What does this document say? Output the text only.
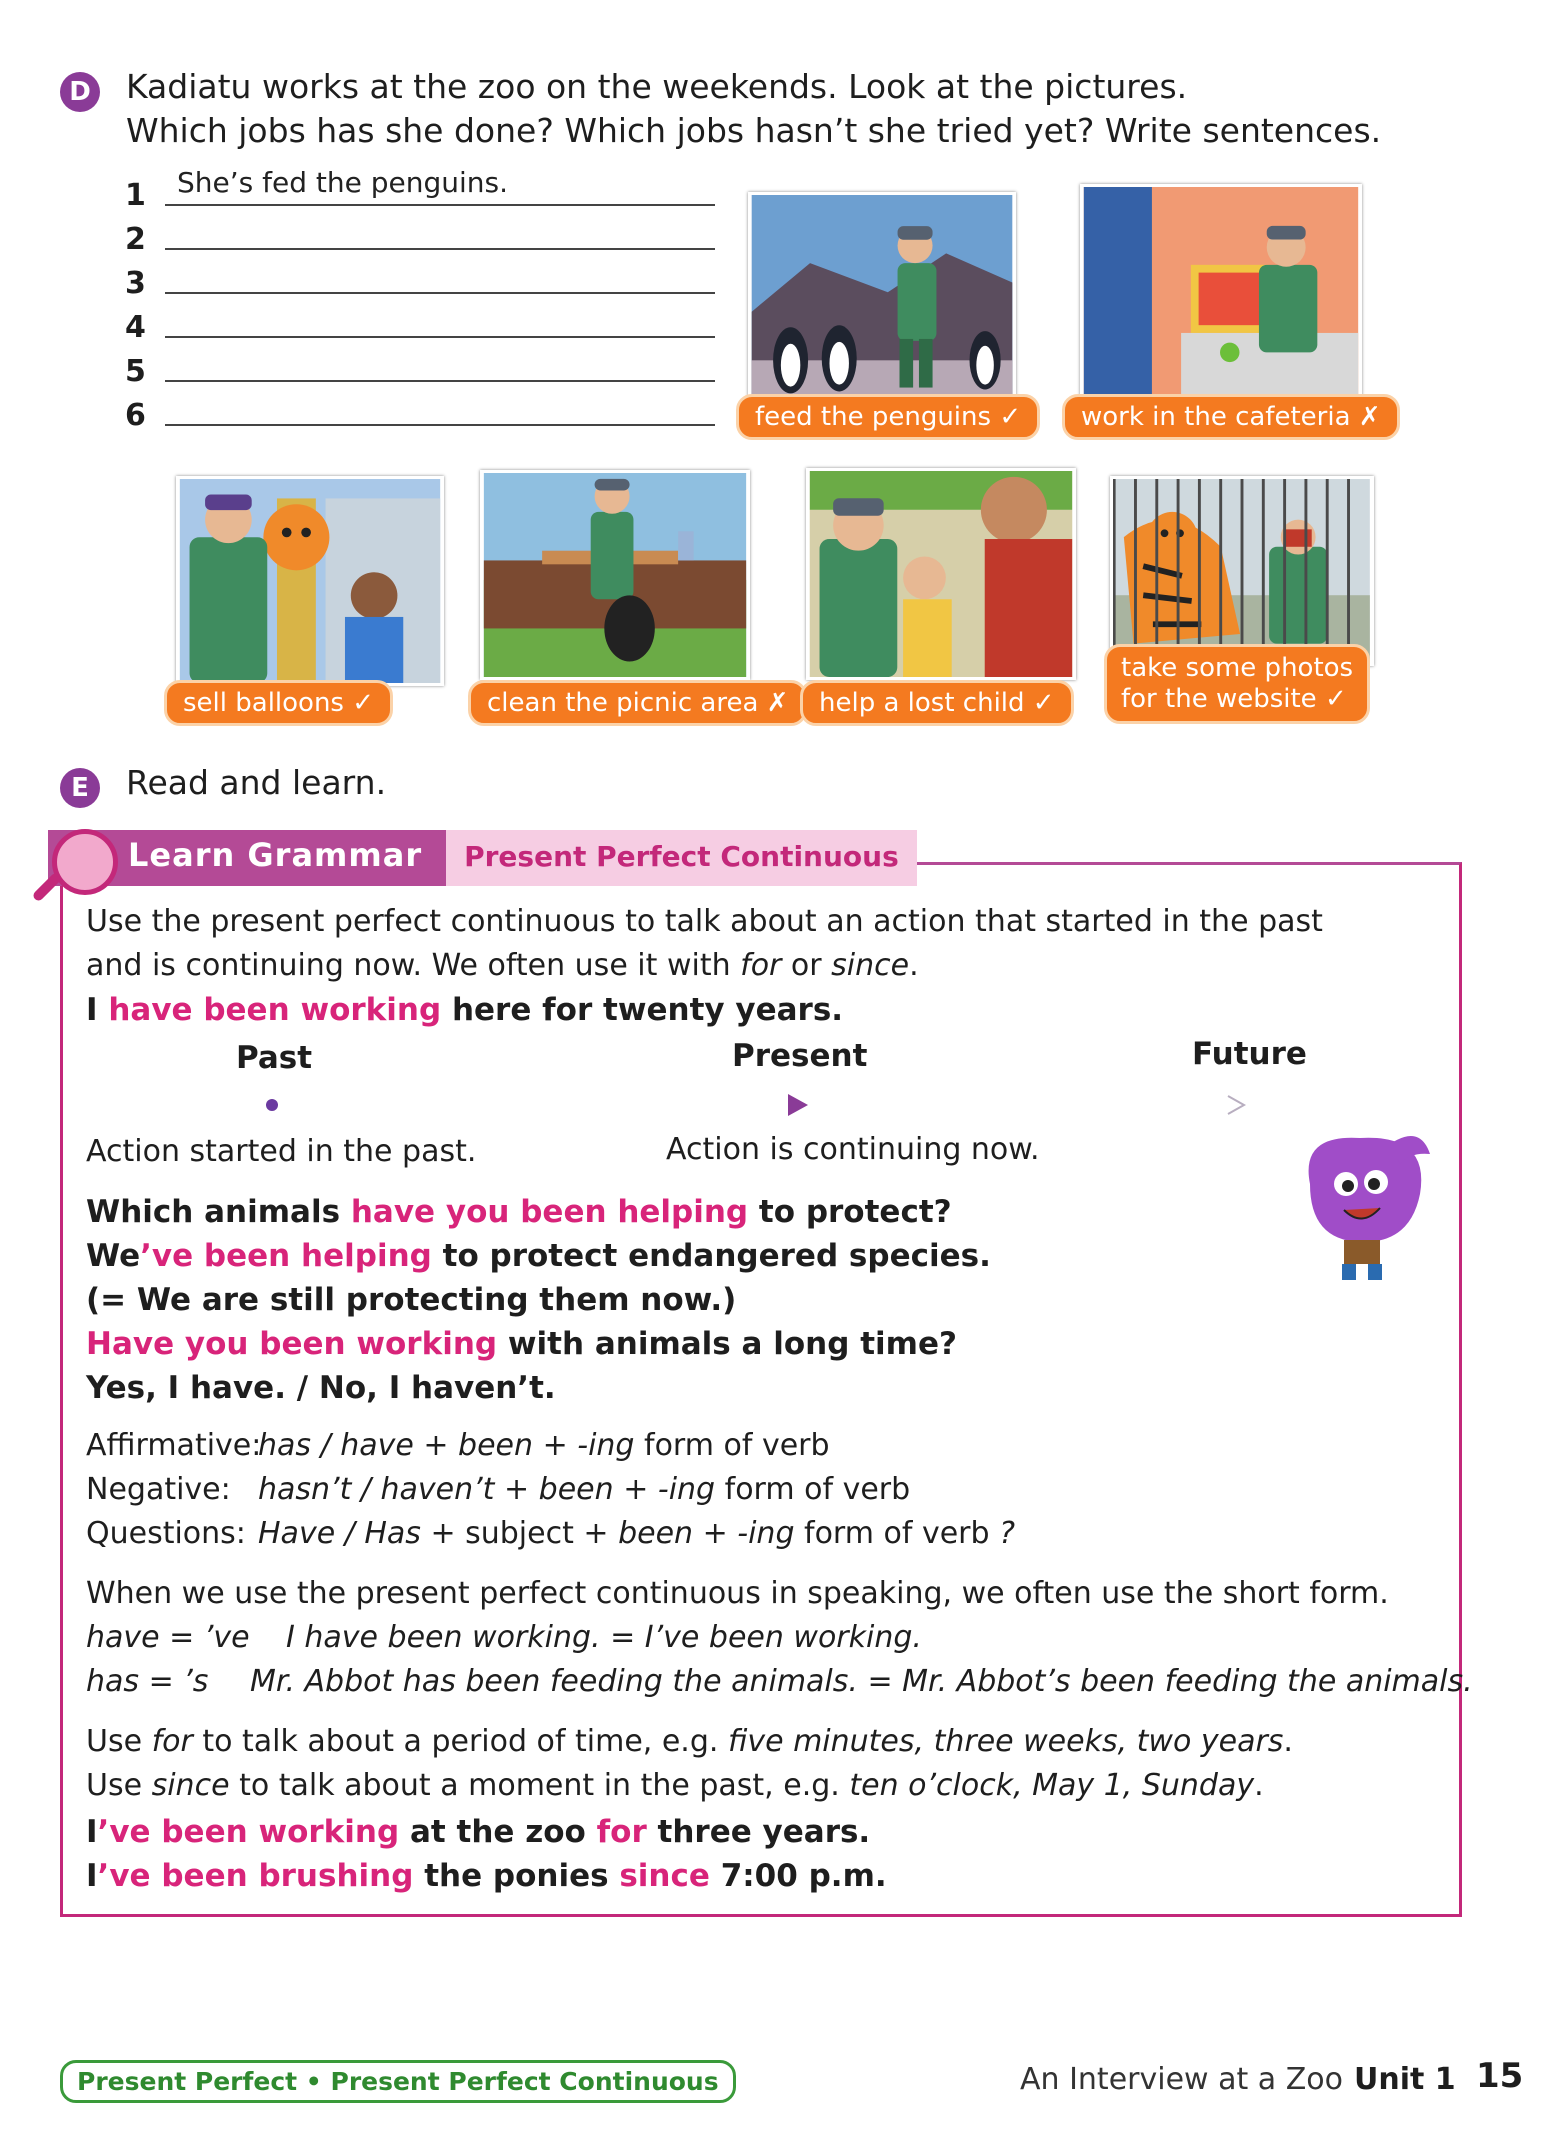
D Kadiatu works at the zoo on the weekends. Look at the pictures.
Which jobs has she done? Which jobs hasn’t she tried yet? Write sentences.
1	She’s fed the penguins.
2
3
4
5
6	feed the penguins ✓	work in the cafeteria ✗
sell balloons ✓	clean the picnic area ✗	help a lost child ✓
take some photos
for the website ✓
E	Read and learn.
Learn Grammar	Present Perfect Continuous
Use the present perfect continuous to talk about an action that started in the past
and is continuing now. We often use it with for or since.
I have been working here for twenty years.
Past	Present	Future
Action started in the past.	Action is continuing now.
Which animals have you been helping to protect?
We’ve been helping to protect endangered species.
(= We are still protecting them now.)
Have you been working with animals a long time?
Yes, I have. / No, I haven’t.
Affirmative:
has / have + been + -ing form of verb
Negative: hasn’t / haven’t + been + -ing form of verb
Questions: Have / Has + subject + been + -ing form of verb ?
When we use the present perfect continuous in speaking, we often use the short form.
have = ’ve I have been working. = I’ve been working.
has = ’s Mr. Abbot has been feeding the animals. = Mr. Abbot’s been feeding the animals.
Use for to talk about a period of time, e.g. five minutes, three weeks, two years.
Use since to talk about a moment in the past, e.g. ten o’clock, May 1, Sunday.
I’ve been working at the zoo for three years.
I’ve been brushing the ponies since 7:00 p.m.
Present Perfect • Present Perfect Continuous	An Interview at a Zoo Unit 1 15
